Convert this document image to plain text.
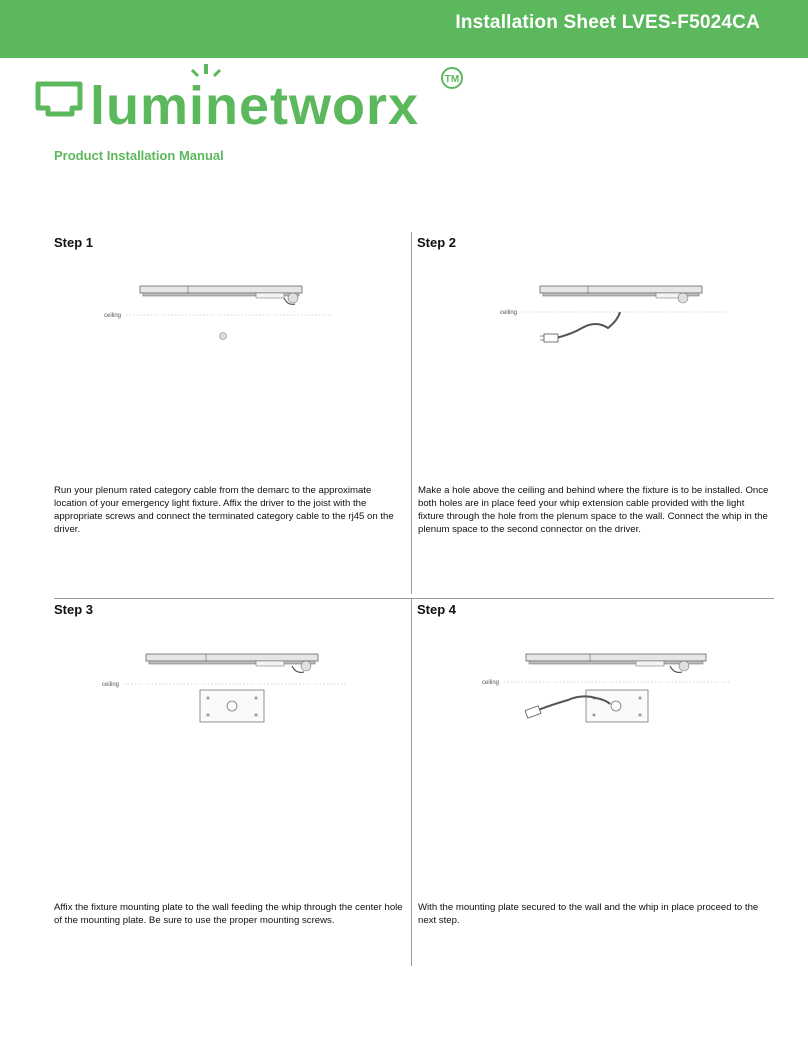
Installation Sheet LVES-F5024CA
luminetworx	TM
Product Installation Manual
Step 1
ceiling
Run your plenum rated category cable from the demarc to the approximate location of your emergency light fixture. Affix the driver to the joist with the appropriate screws and connect the terminated category cable to the rj45 on the driver.
Step 2
ceiling
Make a hole above the ceiling and behind where the fixture is to be installed. Once both holes are in place feed your whip extension cable provided with the light fixture through the hole from the plenum space to the wall. Connect the whip in the plenum space to the second connector on the driver.
Step 3
ceiling
Affix the fixture mounting plate to the wall feeding the whip through the center hole of the mounting plate. Be sure to use the proper mounting screws.
Step 4
ceiling
With the mounting plate secured to the wall and the whip in place proceed to the next step.
